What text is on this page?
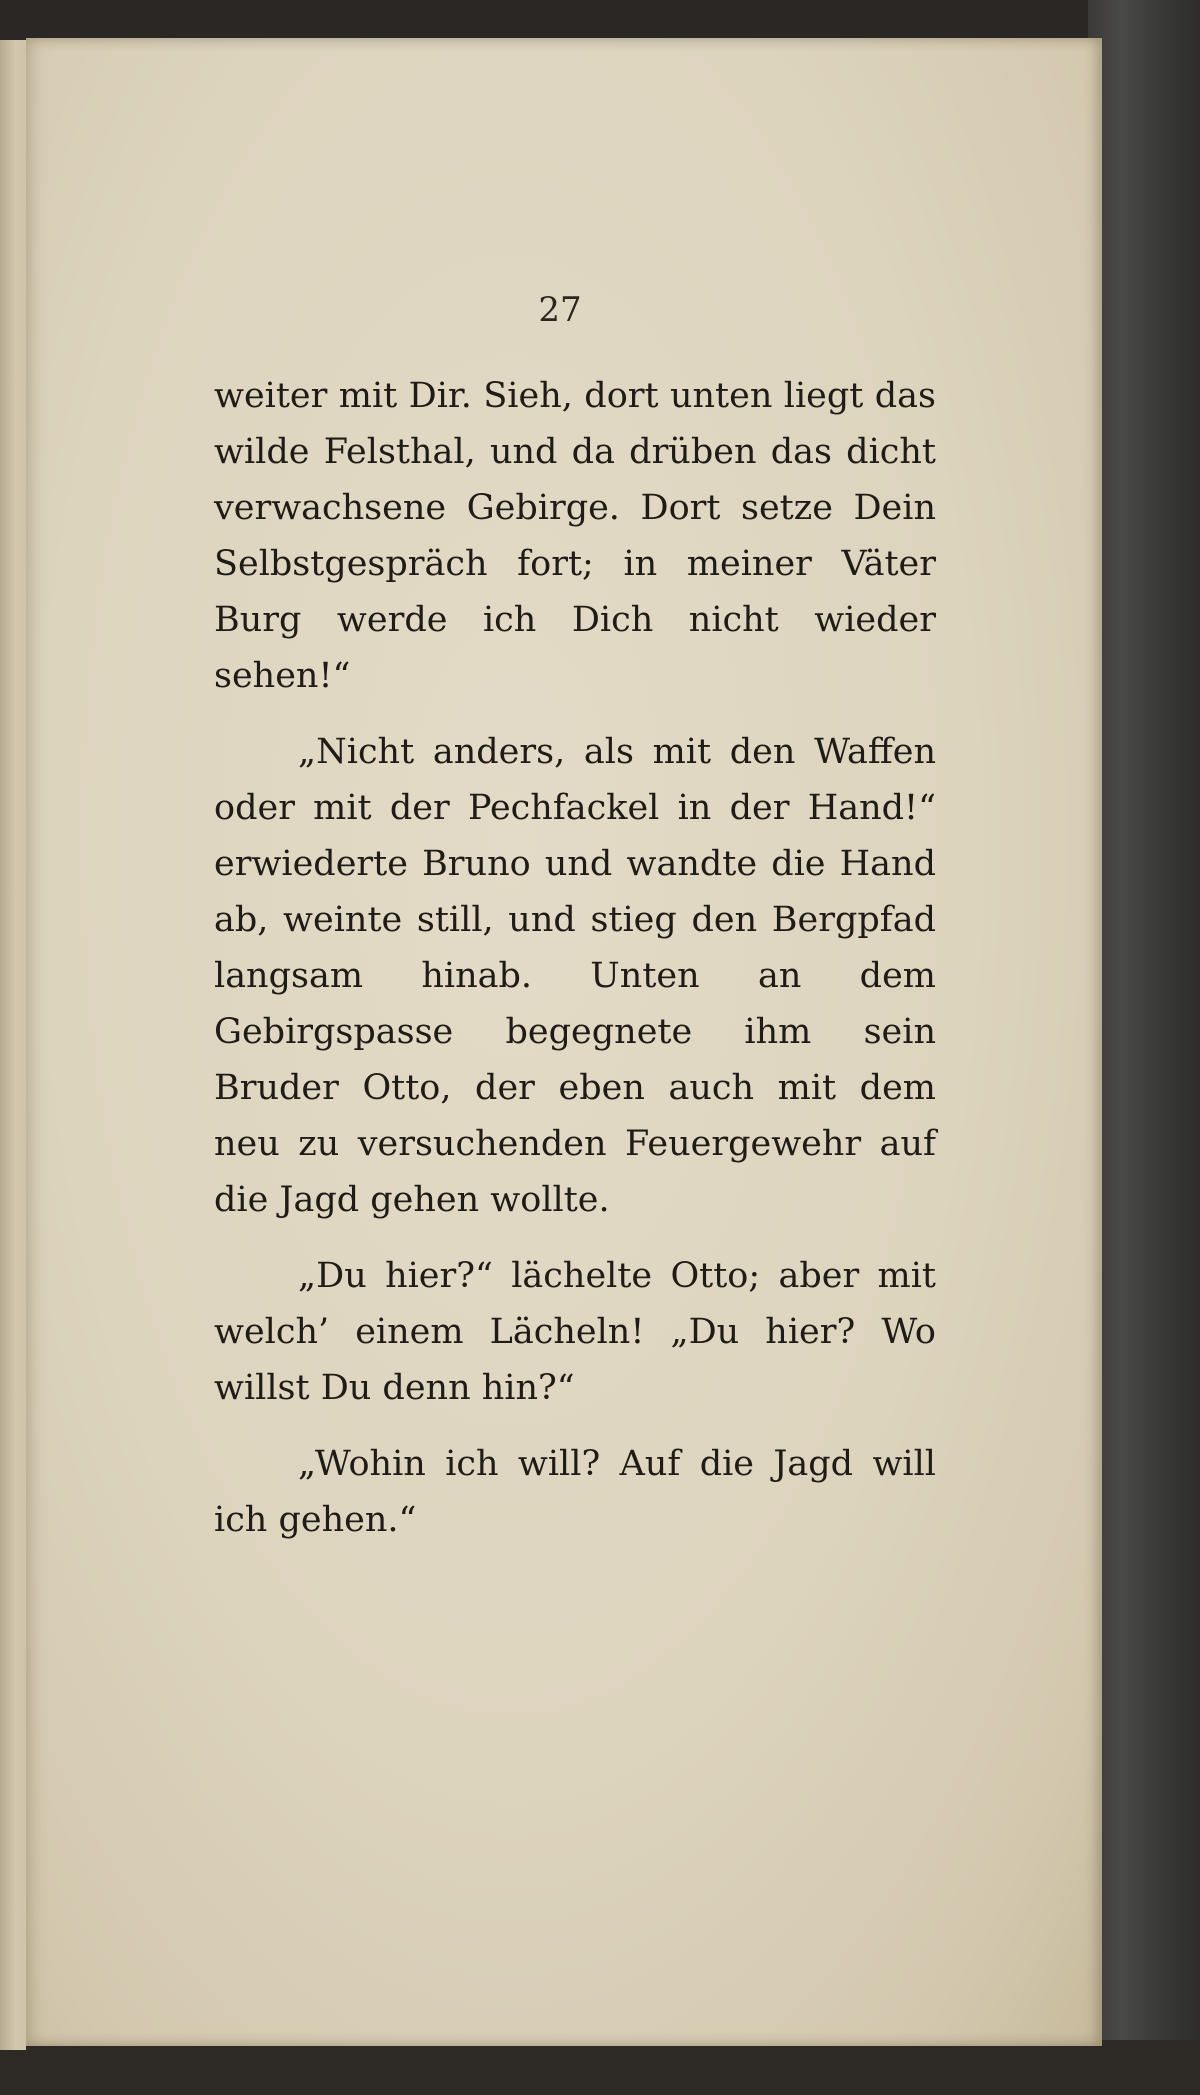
27

weiter mit Dir. Sieh, dort unten liegt das wilde Felsthal, und da drüben das dicht verwachsene Gebirge. Dort setze Dein Selbstgespräch fort; in meiner Väter Burg werde ich Dich nicht wieder sehen!“

„Nicht anders, als mit den Waffen oder mit der Pechfackel in der Hand!“ erwiederte Bruno und wandte die Hand ab, weinte still, und stieg den Bergpfad langsam hinab. Unten an dem Gebirgspasse begegnete ihm sein Bruder Otto, der eben auch mit dem neu zu versuchenden Feuergewehr auf die Jagd gehen wollte.

„Du hier?“ lächelte Otto; aber mit welch’ einem Lächeln! „Du hier? Wo willst Du denn hin?“

„Wohin ich will? Auf die Jagd will ich gehen.“
